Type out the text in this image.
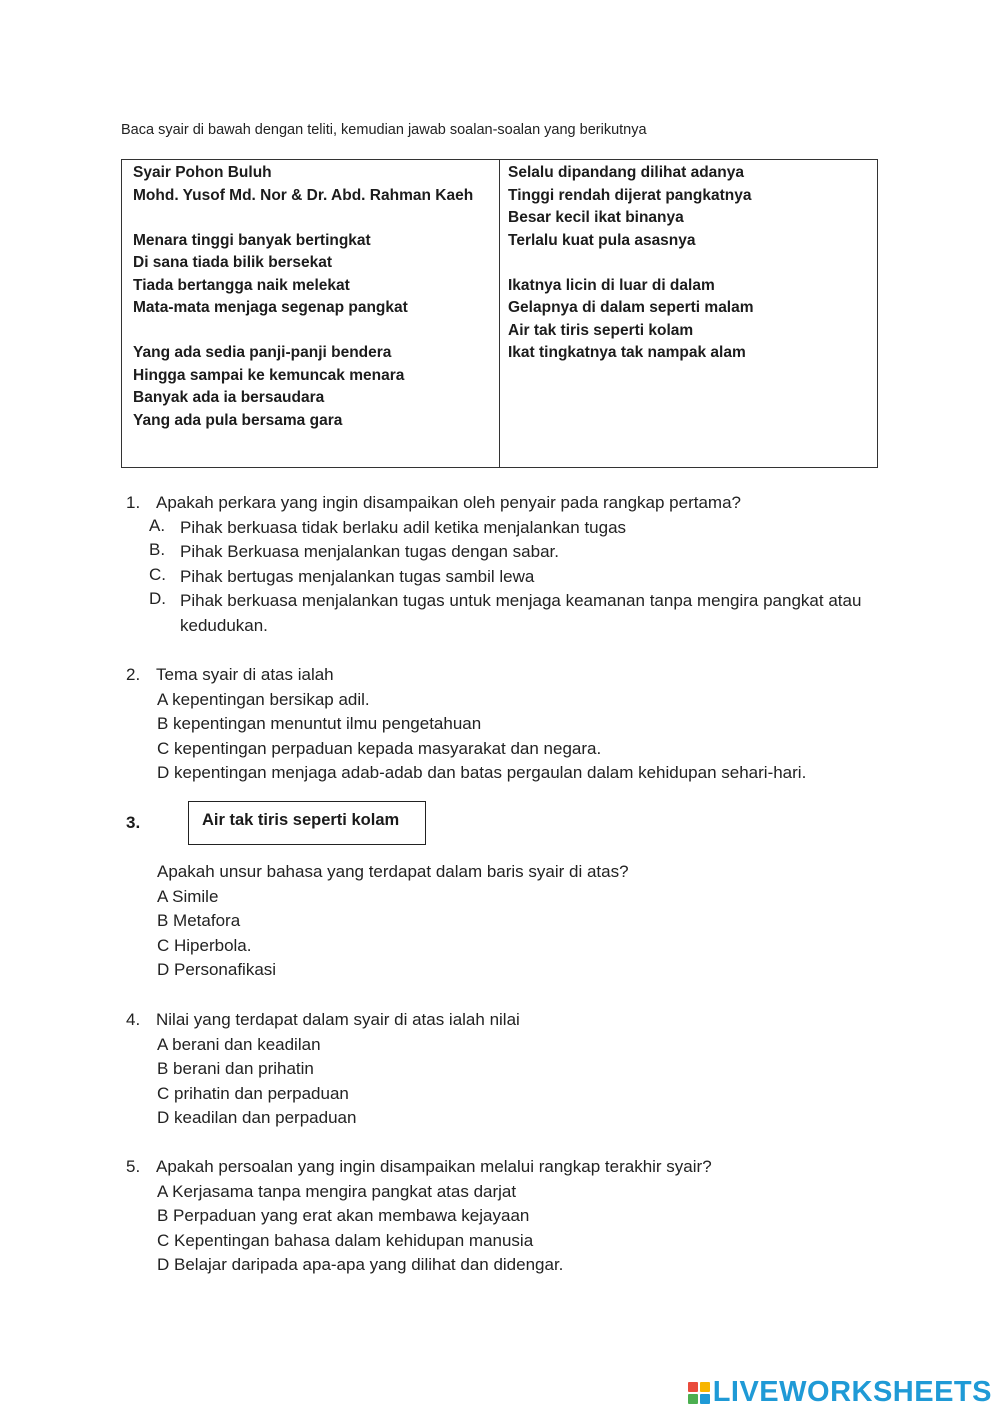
Baca syair di bawah dengan teliti, kemudian jawab soalan-soalan yang berikutnya
Syair Pohon Buluh
Mohd. Yusof Md. Nor & Dr. Abd. Rahman Kaeh
Menara tinggi banyak bertingkat
Di sana tiada bilik bersekat
Tiada bertangga naik melekat
Mata-mata menjaga segenap pangkat
Yang ada sedia panji-panji bendera
Hingga sampai ke kemuncak menara
Banyak ada ia bersaudara
Yang ada pula bersama gara
Selalu dipandang dilihat adanya
Tinggi rendah dijerat pangkatnya
Besar kecil ikat binanya
Terlalu kuat pula asasnya
Ikatnya licin di luar di dalam
Gelapnya di dalam seperti malam
Air tak tiris seperti kolam
Ikat tingkatnya tak nampak alam
1. Apakah perkara yang ingin disampaikan oleh penyair pada rangkap pertama?
A. Pihak berkuasa tidak berlaku adil ketika menjalankan tugas
B. Pihak Berkuasa menjalankan tugas dengan sabar.
C. Pihak bertugas menjalankan tugas sambil lewa
D. Pihak berkuasa menjalankan tugas untuk menjaga keamanan tanpa mengira pangkat atau kedudukan.
2. Tema syair di atas ialah
A kepentingan bersikap adil.
B kepentingan menuntut ilmu pengetahuan
C kepentingan perpaduan kepada masyarakat dan negara.
D kepentingan menjaga adab-adab dan batas pergaulan dalam kehidupan sehari-hari.
3.	Air tak tiris seperti kolam
Apakah unsur bahasa yang terdapat dalam baris syair di atas?
A Simile
B Metafora
C Hiperbola.
D Personafikasi
4. Nilai yang terdapat dalam syair di atas ialah nilai
A berani dan keadilan
B berani dan prihatin
C prihatin dan perpaduan
D keadilan dan perpaduan
5. Apakah persoalan yang ingin disampaikan melalui rangkap terakhir syair?
A Kerjasama tanpa mengira pangkat atas darjat
B Perpaduan yang erat akan membawa kejayaan
C Kepentingan bahasa dalam kehidupan manusia
D Belajar daripada apa-apa yang dilihat dan didengar.
LIVEWORKSHEETS
